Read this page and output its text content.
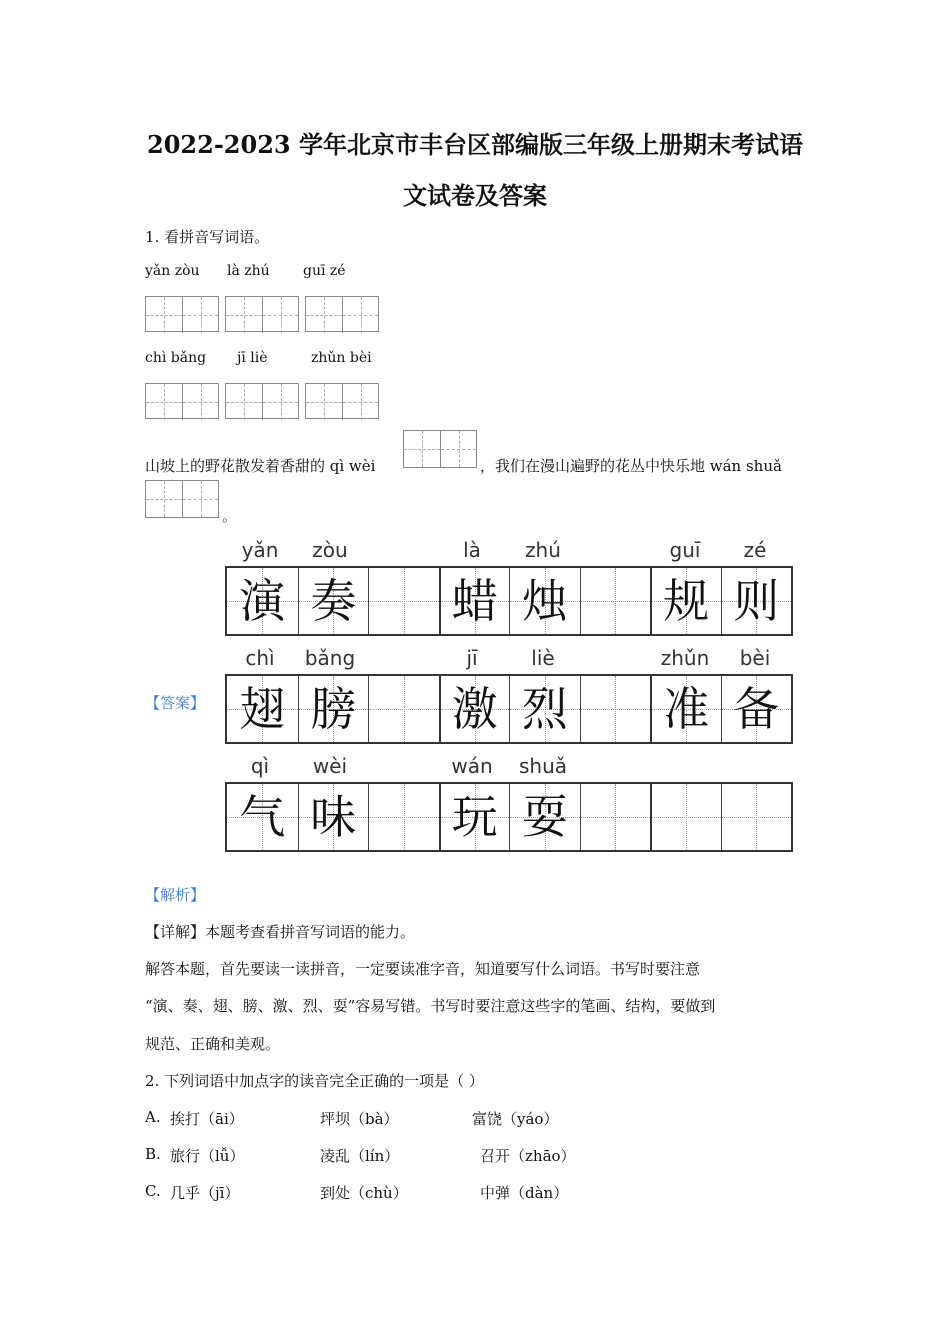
2022-2023 学年北京市丰台区部编版三年级上册期末考试语
文试卷及答案
1. 看拼音写词语。
yǎn zòu là zhú guī zé
chì bǎng jī liè	zhǔn bèi
山坡上的野花散发着香甜的 qì wèi	，我们在漫山遍野的花丛中快乐地 wán shuǎ
。
【答案】
yǎn	zòu	là	zhú	guī	zé
演 奏 蜡 烛 规 则
chì	bǎng	jī	liè	zhǔn	bèi
翅 膀 激 烈 准 备
qì	wèi	wán	shuǎ
气 味 玩 耍
【解析】
【详解】本题考查看拼音写词语的能力。
解答本题，首先要读一读拼音，一定要读准字音，知道要写什么词语。书写时要注意
“演、奏、翅、膀、激、烈、耍”容易写错。书写时要注意这些字的笔画、结构，要做到
规范、正确和美观。
2. 下列词语中加点字的读音完全正确的一项是（ ）
A. 挨打（āi）	坪坝（bà）	富饶（yáo）
B. 旅行（lǚ）	凌乱（lín）	召开（zhāo）
C. 几乎（jī）	到处（chù）	中弹（dàn）
